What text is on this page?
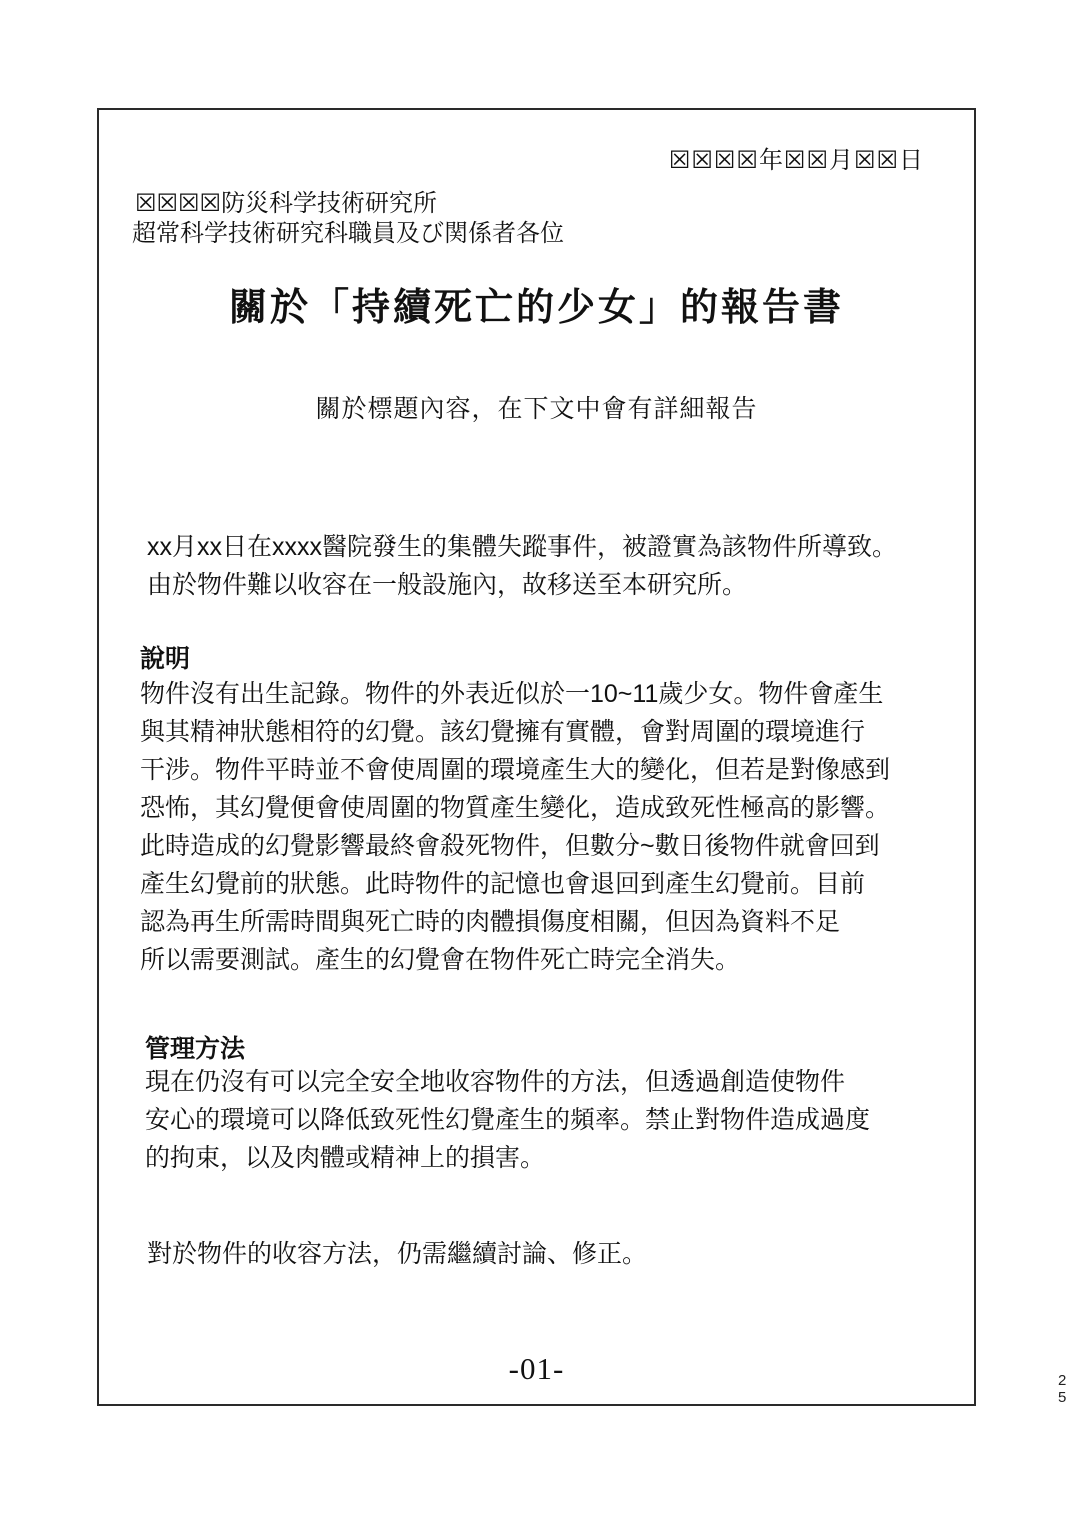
☒☒☒☒年☒☒月☒☒日
☒☒☒☒防災科学技術研究所
超常科学技術研究科職員及び関係者各位
關於「持續死亡的少女」的報告書
關於標題內容，在下文中會有詳細報告
xx月xx日在xxxx醫院發生的集體失蹤事件，被證實為該物件所導致。
由於物件難以收容在一般設施內，故移送至本研究所。
說明
物件沒有出生記錄。物件的外表近似於一10~11歲少女。物件會產生
與其精神狀態相符的幻覺。該幻覺擁有實體，會對周圍的環境進行
干涉。物件平時並不會使周圍的環境產生大的變化，但若是對像感到
恐怖，其幻覺便會使周圍的物質產生變化，造成致死性極高的影響。
此時造成的幻覺影響最終會殺死物件，但數分~數日後物件就會回到
產生幻覺前的狀態。此時物件的記憶也會退回到產生幻覺前。目前
認為再生所需時間與死亡時的肉體損傷度相關，但因為資料不足
所以需要測試。產生的幻覺會在物件死亡時完全消失。
管理方法
現在仍沒有可以完全安全地收容物件的方法，但透過創造使物件
安心的環境可以降低致死性幻覺產生的頻率。禁止對物件造成過度
的拘束，以及肉體或精神上的損害。
對於物件的收容方法，仍需繼續討論、修正。
-01-	2
5
